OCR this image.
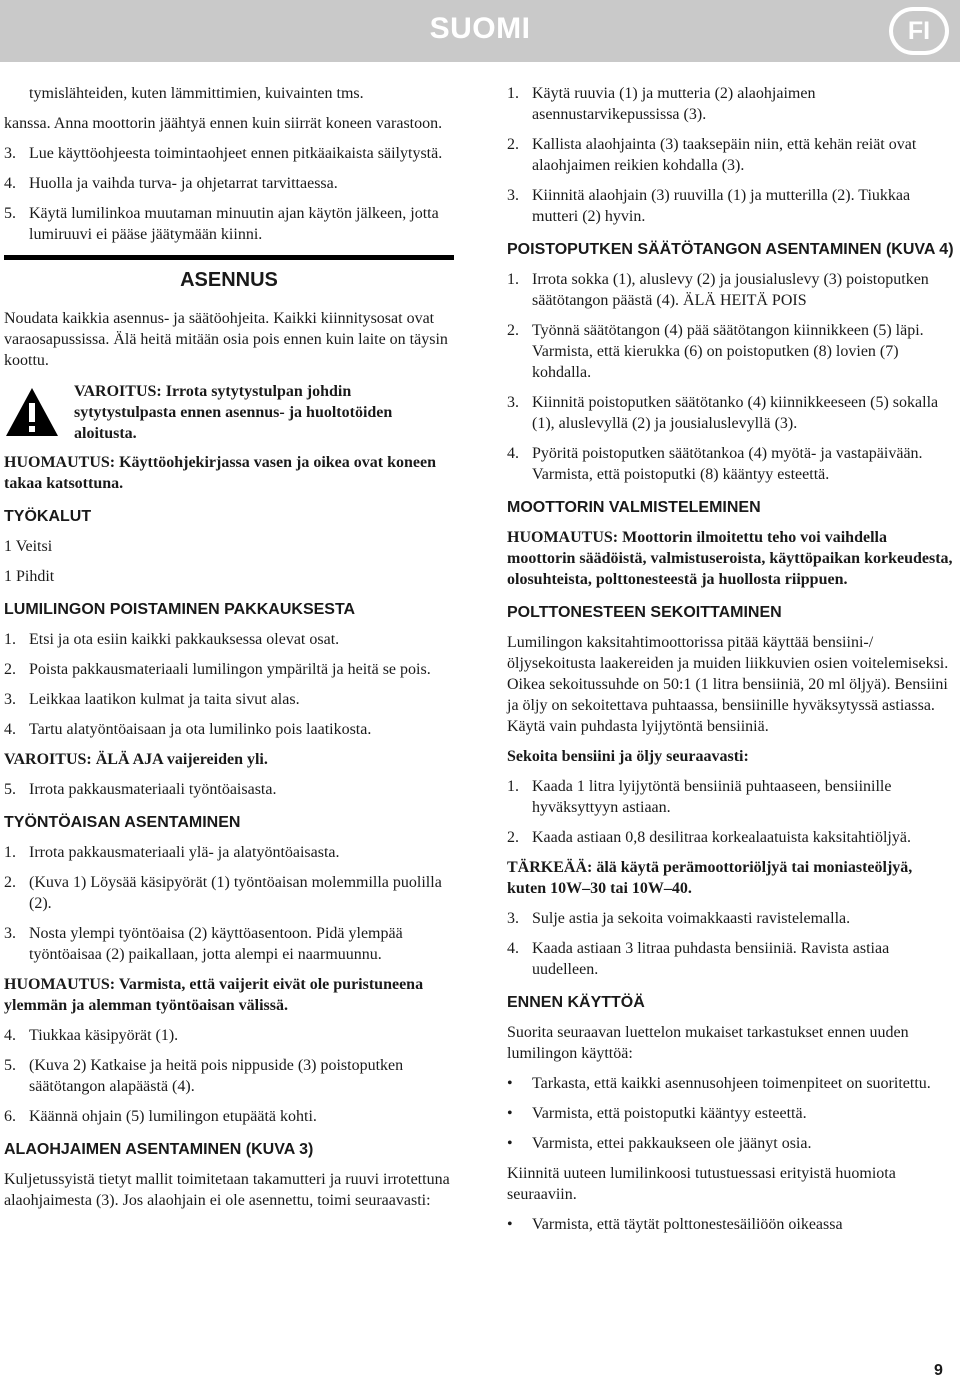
SUOMI	FI

tymislähteiden, kuten lämmittimien, kuivainten tms.

kanssa. Anna moottorin jäähtyä ennen kuin siirrät koneen varastoon.

3. Lue käyttöohjeesta toimintaohjeet ennen pitkäaikaista säilytystä.
4. Huolla ja vaihda turva- ja ohjetarrat tarvittaessa.
5. Käytä lumilinkoa muutaman minuutin ajan käytön jälkeen, jotta lumiruuvi ei pääse jäätymään kiinni.
ASENNUS

Noudata kaikkia asennus- ja säätöohjeita. Kaikki kiinnitysosat ovat varaosapussissa. Älä heitä mitään osia pois ennen kuin laite on täysin koottu.

VAROITUS: Irrota sytytystulpan johdin sytytystulpasta ennen asennus- ja huoltotöiden aloitusta.

HUOMAUTUS: Käyttöohjekirjassa vasen ja oikea ovat koneen takaa katsottuna.

TYÖKALUT

1 Veitsi

1 Pihdit

LUMILINGON POISTAMINEN PAKKAUKSESTA
1. Etsi ja ota esiin kaikki pakkauksessa olevat osat.
2. Poista pakkausmateriaali lumilingon ympäriltä ja heitä se pois.
3. Leikkaa laatikon kulmat ja taita sivut alas.
4. Tartu alatyöntöaisaan ja ota lumilinko pois laatikosta.

VAROITUS: ÄLÄ AJA vaijereiden yli.

5. Irrota pakkausmateriaali työntöaisasta.
TYÖNTÖAISAN ASENTAMINEN
1. Irrota pakkausmateriaali ylä- ja alatyöntöaisasta.
2. (Kuva 1) Löysää käsipyörät (1) työntöaisan molemmilla puolilla (2).
3. Nosta ylempi työntöaisa (2) käyttöasentoon. Pidä ylempää työntöaisaa (2) paikallaan, jotta alempi ei naarmuunnu.

HUOMAUTUS: Varmista, että vaijerit eivät ole puristuneena ylemmän ja alemman työntöaisan välissä.

4. Tiukkaa käsipyörät (1).
5. (Kuva 2) Katkaise ja heitä pois nippuside (3) poistoputken säätötangon alapäästä (4).
6. Käännä ohjain (5) lumilingon etupäätä kohti.
ALAOHJAIMEN ASENTAMINEN (KUVA 3)

Kuljetussyistä tietyt mallit toimitetaan takamutteri ja ruuvi irrotettuna alaohjaimesta (3). Jos alaohjain ei ole asennettu, toimi seuraavasti:

1. Käytä ruuvia (1) ja mutteria (2) alaohjaimen asennustarvikepussissa (3).
2. Kallista alaohjainta (3) taaksepäin niin, että kehän reiät ovat alaohjaimen reikien kohdalla (3).
3. Kiinnitä alaohjain (3) ruuvilla (1) ja mutterilla (2). Tiukkaa mutteri (2) hyvin.
POISTOPUTKEN SÄÄTÖTANGON ASENTAMINEN (KUVA 4)
1. Irrota sokka (1), aluslevy (2) ja jousialuslevy (3) poistoputken säätötangon päästä (4). ÄLÄ HEITÄ POIS
2. Työnnä säätötangon (4) pää säätötangon kiinnikkeen (5) läpi. Varmista, että kierukka (6) on poistoputken (8) lovien (7) kohdalla.
3. Kiinnitä poistoputken säätötanko (4) kiinnikkeeseen (5) sokalla (1), aluslevyllä (2) ja jousialuslevyllä (3).
4. Pyöritä poistoputken säätötankoa (4) myötä- ja vastapäivään. Varmista, että poistoputki (8) kääntyy esteettä.
MOOTTORIN VALMISTELEMINEN

HUOMAUTUS: Moottorin ilmoitettu teho voi vaihdella moottorin säädöistä, valmistuseroista, käyttöpaikan korkeudesta, olosuhteista, polttonesteestä ja huollosta riippuen.

POLTTONESTEEN SEKOITTAMINEN

Lumilingon kaksitahtimoottorissa pitää käyttää bensiini-/öljysekoitusta laakereiden ja muiden liikkuvien osien voitelemiseksi. Oikea sekoitussuhde on 50:1 (1 litra bensiiniä, 20 ml öljyä). Bensiini ja öljy on sekoitettava puhtaassa, bensiinille hyväksytyssä astiassa. Käytä vain puhdasta lyijytöntä bensiiniä.

Sekoita bensiini ja öljy seuraavasti:

1. Kaada 1 litra lyijytöntä bensiiniä puhtaaseen, bensiinille hyväksyttyyn astiaan.
2. Kaada astiaan 0,8 desilitraa korkealaatuista kaksitahtiöljyä.

TÄRKEÄÄ: älä käytä perämoottoriöljyä tai moniasteöljyä, kuten 10W–30 tai 10W–40.

3. Sulje astia ja sekoita voimakkaasti ravistelemalla.
4. Kaada astiaan 3 litraa puhdasta bensiiniä. Ravista astiaa uudelleen.
ENNEN KÄYTTÖÄ

Suorita seuraavan luettelon mukaiset tarkastukset ennen uuden lumilingon käyttöä:

• Tarkasta, että kaikki asennusohjeen toimenpiteet on suoritettu.
• Varmista, että poistoputki kääntyy esteettä.
• Varmista, ettei pakkaukseen ole jäänyt osia.

Kiinnitä uuteen lumilinkoosi tutustuessasi erityistä huomiota seuraaviin.

• Varmista, että täytät polttonestesäiliöön oikeassa
9
